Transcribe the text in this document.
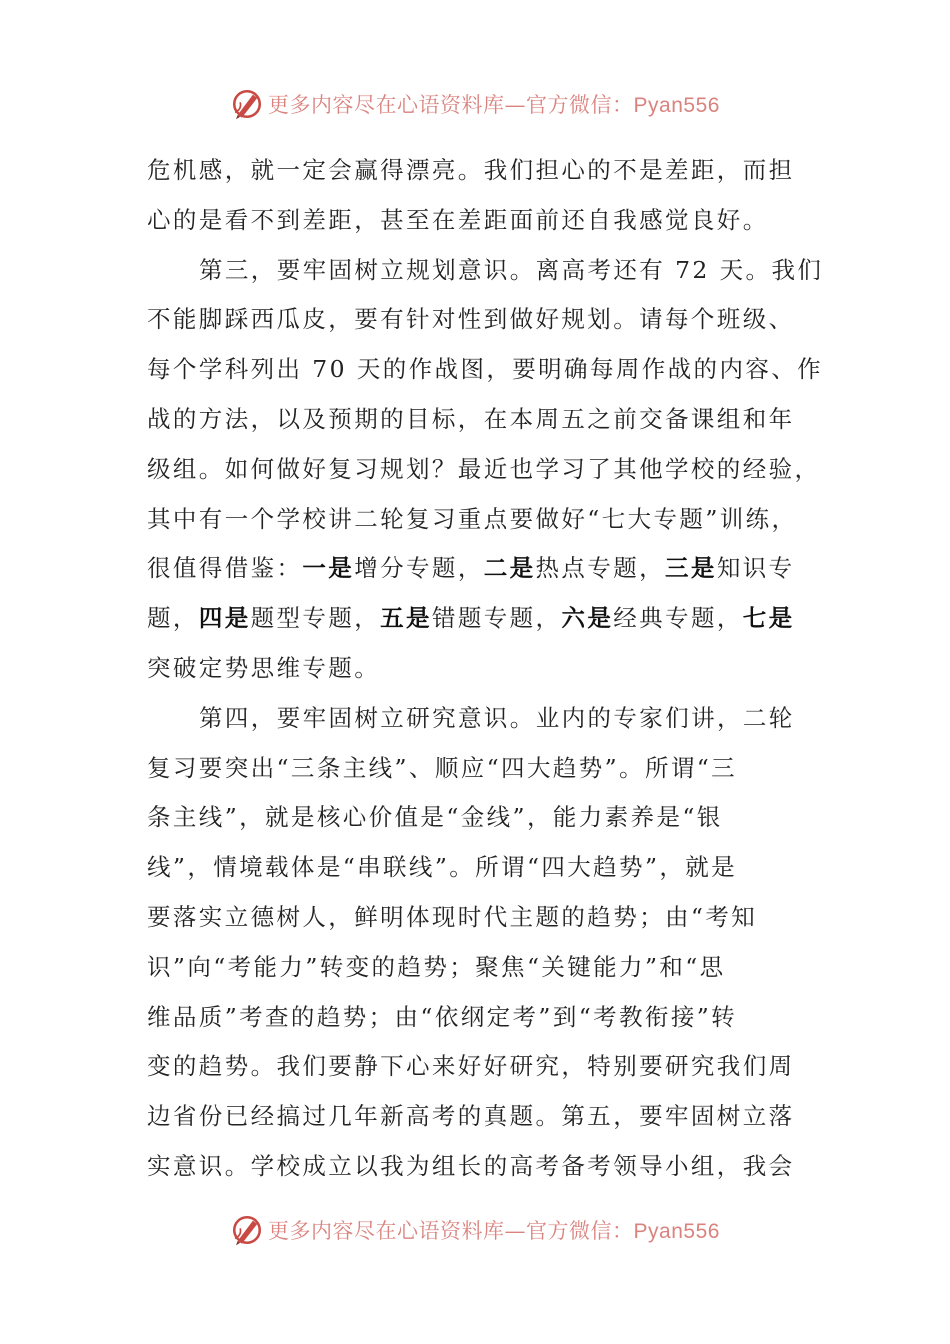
更多内容尽在心语资料库—官方微信：Pyan556
危机感，就一定会赢得漂亮。我们担心的不是差距，而担
心的是看不到差距，甚至在差距面前还自我感觉良好。
第三，要牢固树立规划意识。离高考还有 72 天。我们
不能脚踩西瓜皮，要有针对性到做好规划。请每个班级、
每个学科列出 70 天的作战图，要明确每周作战的内容、作
战的方法，以及预期的目标，在本周五之前交备课组和年
级组。如何做好复习规划？最近也学习了其他学校的经验，
其中有一个学校讲二轮复习重点要做好“七大专题”训练，
很值得借鉴：一是增分专题，二是热点专题，三是知识专
题，四是题型专题，五是错题专题，六是经典专题，七是
突破定势思维专题。
第四，要牢固树立研究意识。业内的专家们讲，二轮
复习要突出“三条主线”、顺应“四大趋势”。所谓“三
条主线”，就是核心价值是“金线”，能力素养是“银
线”，情境载体是“串联线”。所谓“四大趋势”，就是
要落实立德树人，鲜明体现时代主题的趋势；由“考知
识”向“考能力”转变的趋势；聚焦“关键能力”和“思
维品质”考查的趋势；由“依纲定考”到“考教衔接”转
变的趋势。我们要静下心来好好研究，特别要研究我们周
边省份已经搞过几年新高考的真题。第五，要牢固树立落
实意识。学校成立以我为组长的高考备考领导小组，我会
更多内容尽在心语资料库—官方微信：Pyan556
